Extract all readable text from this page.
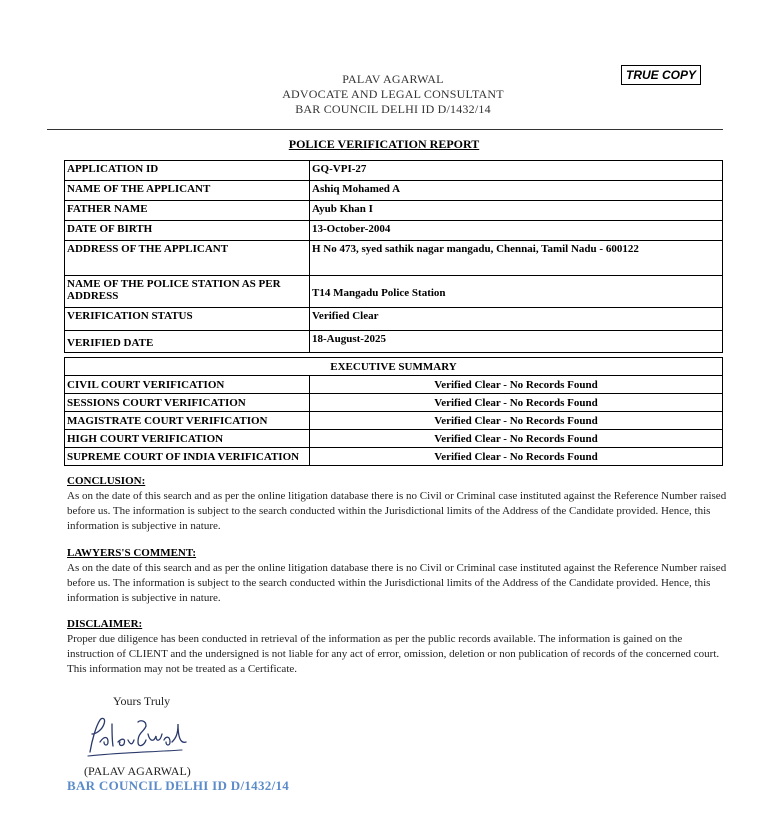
PALAV AGARWAL
ADVOCATE AND LEGAL CONSULTANT
BAR COUNCIL DELHI ID D/1432/14
TRUE COPY
POLICE VERIFICATION REPORT
APPLICATION ID	GQ-VPI-27
NAME OF THE APPLICANT	Ashiq Mohamed A
FATHER NAME	Ayub Khan I
DATE OF BIRTH	13-October-2004
ADDRESS OF THE APPLICANT	H No 473, syed sathik nagar mangadu, Chennai, Tamil Nadu - 600122
NAME OF THE POLICE STATION AS PER ADDRESS	T14 Mangadu Police Station
VERIFICATION STATUS	Verified Clear
VERIFIED DATE	18-August-2025
EXECUTIVE SUMMARY	
CIVIL COURT VERIFICATION	Verified Clear - No Records Found
SESSIONS COURT VERIFICATION	Verified Clear - No Records Found
MAGISTRATE COURT VERIFICATION	Verified Clear - No Records Found
HIGH COURT VERIFICATION	Verified Clear - No Records Found
SUPREME COURT OF INDIA VERIFICATION	Verified Clear - No Records Found
CONCLUSION:
As on the date of this search and as per the online litigation database there is no Civil or Criminal case instituted against the Reference Number raised before us. The information is subject to the search conducted within the Jurisdictional limits of the Address of the Candidate provided. Hence, this information is subjective in nature.
LAWYERS'S COMMENT:
As on the date of this search and as per the online litigation database there is no Civil or Criminal case instituted against the Reference Number raised before us. The information is subject to the search conducted within the Jurisdictional limits of the Address of the Candidate provided. Hence, this information is subjective in nature.
DISCLAIMER:
Proper due diligence has been conducted in retrieval of the information as per the public records available. The information is gained on the instruction of CLIENT and the undersigned is not liable for any act of error, omission, deletion or non publication of records of the concerned court. This information may not be treated as a Certificate.
Yours Truly
(PALAV AGARWAL)
BAR COUNCIL DELHI ID D/1432/14
